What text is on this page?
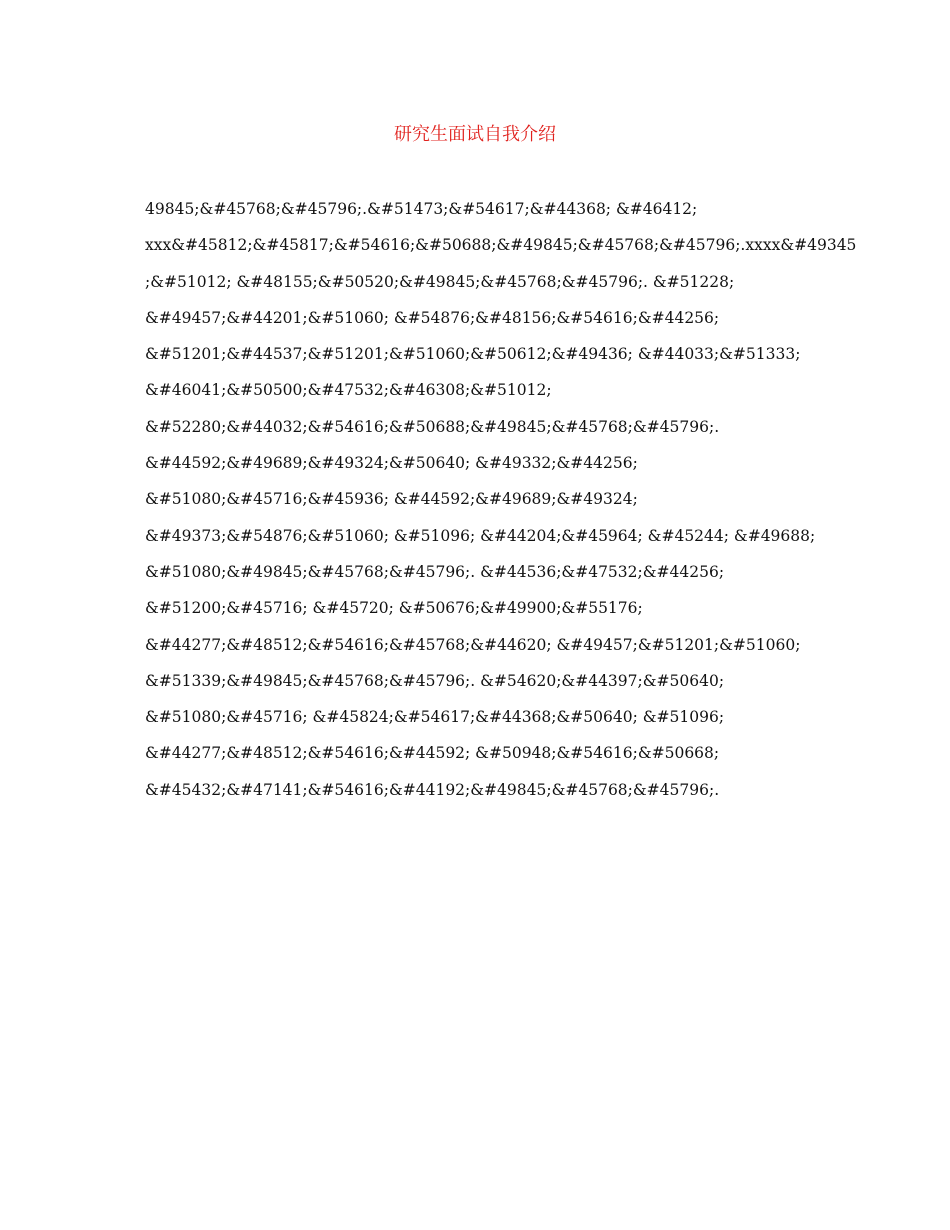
研究生面试自我介绍
49845;&#45768;&#45796;.&#51473;&#54617;&#44368; &#46412;
xxx&#45812;&#45817;&#54616;&#50688;&#49845;&#45768;&#45796;.xxxx&#49345
;&#51012; &#48155;&#50520;&#49845;&#45768;&#45796;. &#51228;
&#49457;&#44201;&#51060; &#54876;&#48156;&#54616;&#44256;
&#51201;&#44537;&#51201;&#51060;&#50612;&#49436; &#44033;&#51333;
&#46041;&#50500;&#47532;&#46308;&#51012;
&#52280;&#44032;&#54616;&#50688;&#49845;&#45768;&#45796;.
&#44592;&#49689;&#49324;&#50640; &#49332;&#44256;
&#51080;&#45716;&#45936; &#44592;&#49689;&#49324;
&#49373;&#54876;&#51060; &#51096; &#44204;&#45964; &#45244; &#49688;
&#51080;&#49845;&#45768;&#45796;. &#44536;&#47532;&#44256;
&#51200;&#45716; &#45720; &#50676;&#49900;&#55176;
&#44277;&#48512;&#54616;&#45768;&#44620; &#49457;&#51201;&#51060;
&#51339;&#49845;&#45768;&#45796;. &#54620;&#44397;&#50640;
&#51080;&#45716; &#45824;&#54617;&#44368;&#50640; &#51096;
&#44277;&#48512;&#54616;&#44592; &#50948;&#54616;&#50668;
&#45432;&#47141;&#54616;&#44192;&#49845;&#45768;&#45796;.
